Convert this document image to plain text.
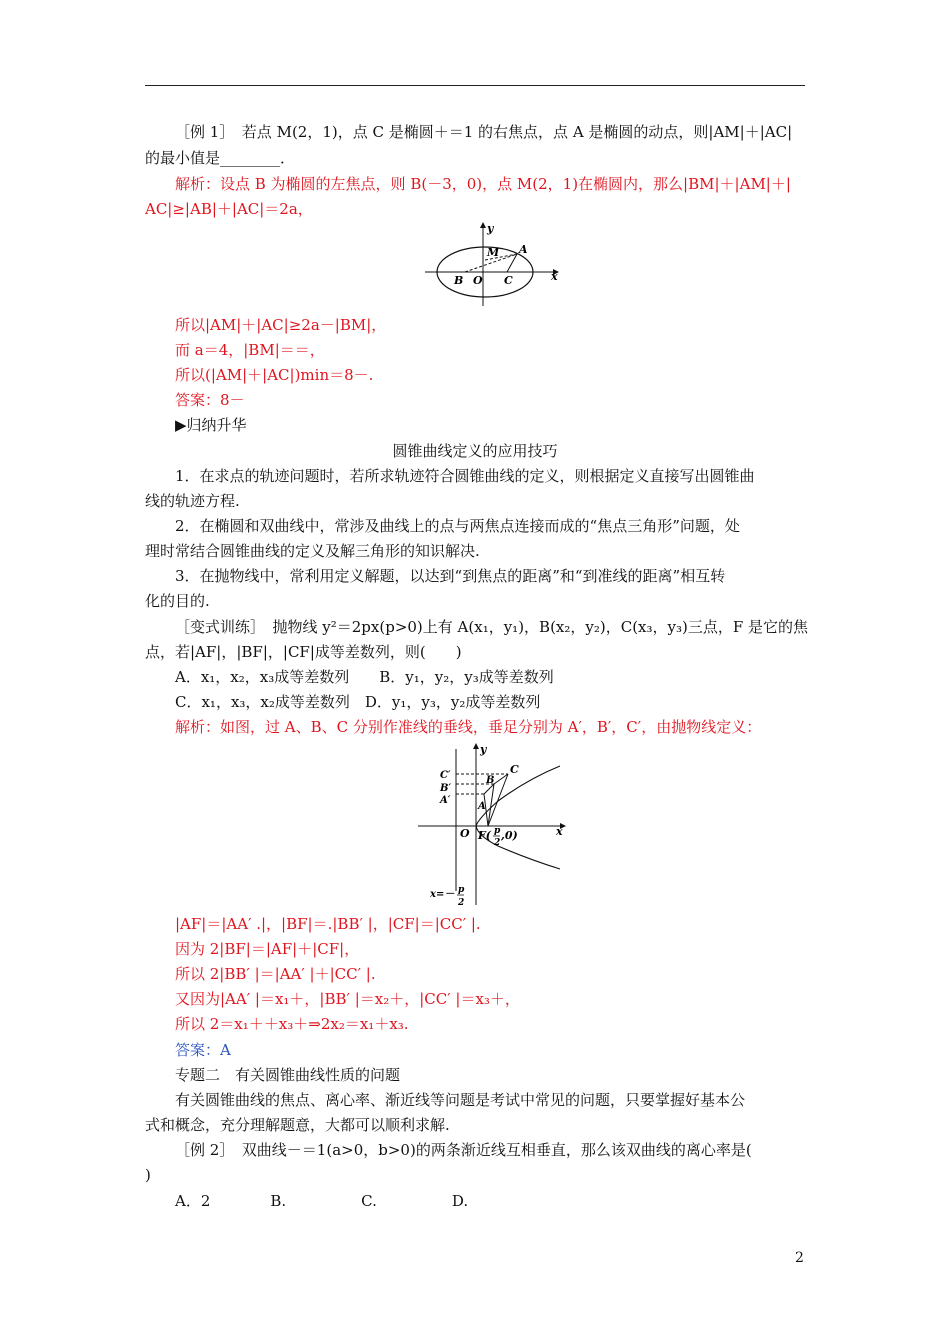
［例 1］　若点 M(2，1)，点 C 是椭圆＋＝1 的右焦点，点 A 是椭圆的动点，则|AM|＋|AC|
的最小值是________．
解析：设点 B 为椭圆的左焦点，则 B(－3，0)，点 M(2，1)在椭圆内，那么|BM|＋|AM|＋|
AC|≥|AB|＋|AC|＝2a，
y
x
M A
B O C
所以|AM|＋|AC|≥2a－|BM|，
而 a＝4，|BM|＝＝，
所以(|AM|＋|AC|)min＝8－.
答案：8－
▶归纳升华
圆锥曲线定义的应用技巧
1．在求点的轨迹问题时，若所求轨迹符合圆锥曲线的定义，则根据定义直接写出圆锥曲
线的轨迹方程.
2．在椭圆和双曲线中，常涉及曲线上的点与两焦点连接而成的“焦点三角形”问题，处
理时常结合圆锥曲线的定义及解三角形的知识解决.
3．在抛物线中，常利用定义解题，以达到“到焦点的距离”和“到准线的距离”相互转
化的目的.
［变式训练］　抛物线 y²＝2px(p>0)上有 A(x₁，y₁)，B(x₂，y₂)，C(x₃，y₃)三点，F 是它的焦
点，若|AF|，|BF|，|CF|成等差数列，则(　　)
A．x₁，x₂，x₃成等差数列　　B．y₁，y₂，y₃成等差数列
C．x₁，x₃，x₂成等差数列　D．y₁，y₃，y₂成等差数列
解析：如图，过 A、B、C 分别作准线的垂线，垂足分别为 A′，B′，C′，由抛物线定义：
y
x
C
C′
B′
B
A′
A
O F( p
2
,0)
x=－ p
2
|AF|＝|AA′ .|，|BF|＝.|BB′ |，|CF|＝|CC′ |.
因为 2|BF|＝|AF|＋|CF|，
所以 2|BB′ |＝|AA′ |＋|CC′ |.
又因为|AA′ |＝x₁＋，|BB′ |＝x₂＋，|CC′ |＝x₃＋，
所以 2＝x₁＋＋x₃＋⇒2x₂＝x₁＋x₃.
答案：A
专题二　有关圆锥曲线性质的问题
有关圆锥曲线的焦点、离心率、渐近线等问题是考试中常见的问题，只要掌握好基本公
式和概念，充分理解题意，大都可以顺利求解.
［例 2］　双曲线－＝1(a>0，b>0)的两条渐近线互相垂直，那么该双曲线的离心率是(
)
A．2　　　　B.　　　　　C.　　　　　D.
2
